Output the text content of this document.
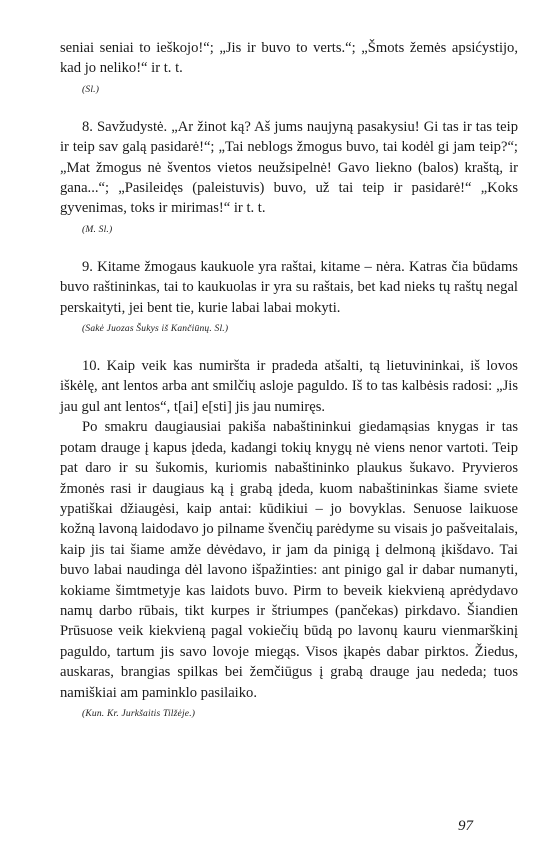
seniai seniai to ieškojo!“; „Jis ir buvo to verts.“; „Šmots žemės apsićystijo, kad jo neliko!“ ir t. t.

(Sl.)

8. Savžudystė. „Ar žinot ką? Aš jums naujyną pasakysiu! Gi tas ir tas teip ir teip sav galą pasidarė!“; „Tai neblogs žmogus buvo, tai kodėl gi jam teip?“; „Mat žmogus nė šventos vietos neužsipelnė! Gavo liekno (balos) kraštą, ir gana...“; „Pasileidęs (paleistuvis) buvo, už tai teip ir pasidarė!“ „Koks gyvenimas, toks ir mirimas!“ ir t. t.

(M. Sl.)

9. Kitame žmogaus kaukuole yra raštai, kitame – nėra. Katras čia būdams buvo raštininkas, tai to kaukuolas ir yra su raštais, bet kad nieks tų raštų negal perskaityti, jei bent tie, kurie labai labai mokyti.

(Sakė Juozas Šukys iš Kančiūnų. Sl.)

10. Kaip veik kas numiršta ir pradeda atšalti, tą lietuvininkai, iš lovos iškėlę, ant lentos arba ant smilčių asloje paguldo. Iš to tas kalbėsis radosi: „Jis jau gul ant lentos“, t[ai] e[sti] jis jau numiręs.

Po smakru daugiausiai pakiša nabaštininkui giedamąsias knygas ir tas potam drauge į kapus įdeda, kadangi tokių knygų nė viens nenor vartoti. Teip pat daro ir su šukomis, kuriomis nabaštininko plaukus šukavo. Pryvieros žmonės rasi ir daugiaus ką į grabą įdeda, kuom nabaštininkas šiame sviete ypatiškai džiaugėsi, kaip antai: kūdikiui – jo bovyklas. Senuose laikuose kožną lavoną laidodavo jo pilname švenčių parėdyme su visais jo pašveitalais, kaip jis tai šiame amže dėvėdavo, ir jam da pinigą į delmoną įkišdavo. Tai buvo labai naudinga dėl lavono išpažinties: ant pinigo gal ir dabar numanyti, kokiame šimtmetyje kas laidots buvo. Pirm to beveik kiekvieną aprėdydavo namų darbo rūbais, tikt kurpes ir štriumpes (pančekas) pirkdavo. Šiandien Prūsuose veik kiekvieną pagal vokiečių būdą po lavonų kauru vienmarškinį paguldo, tartum jis savo lovoje miegąs. Visos įkapės dabar pirktos. Žiedus, auskaras, brangias spilkas bei žemčiūgus į grabą drauge jau nededa; tuos namiškiai am paminklo pasilaiko.

(Kun. Kr. Jurkšaitis Tilžėje.)
97
